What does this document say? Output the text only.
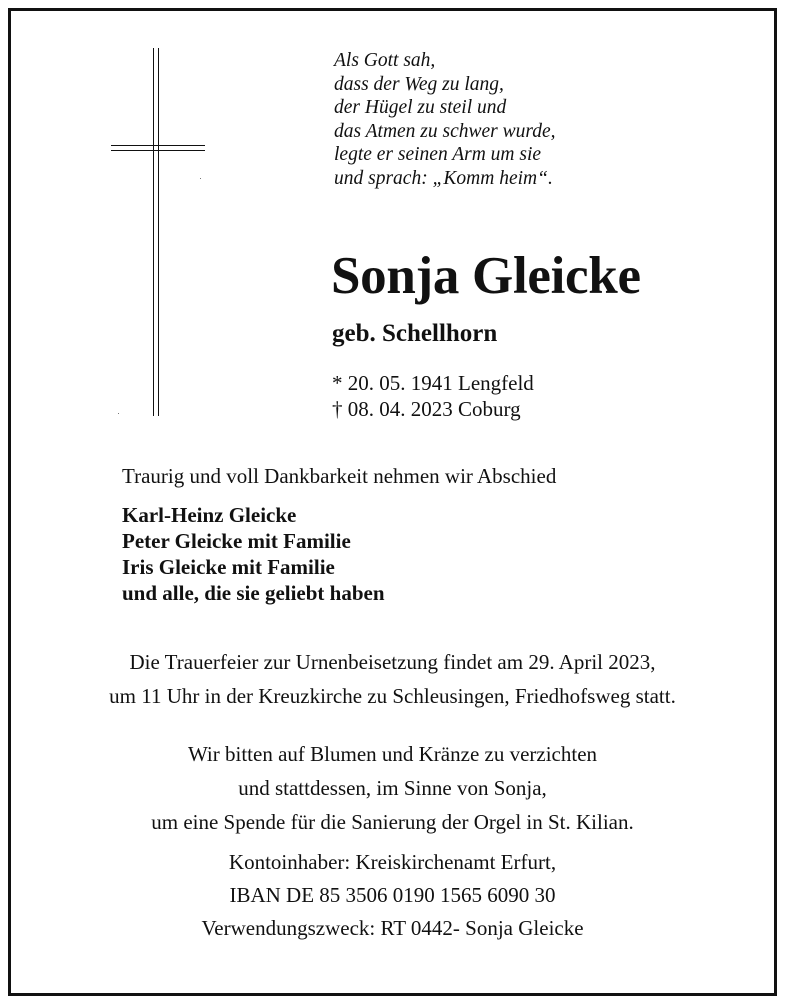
Als Gott sah,
dass der Weg zu lang,
der Hügel zu steil und
das Atmen zu schwer wurde,
legte er seinen Arm um sie
und sprach: „Komm heim“.
Sonja Gleicke
geb. Schellhorn
* 20. 05. 1941 Lengfeld
† 08. 04. 2023 Coburg
Traurig und voll Dankbarkeit nehmen wir Abschied
Karl-Heinz Gleicke
Peter Gleicke mit Familie
Iris Gleicke mit Familie
und alle, die sie geliebt haben
Die Trauerfeier zur Urnenbeisetzung findet am 29. April 2023,
um 11 Uhr in der Kreuzkirche zu Schleusingen, Friedhofsweg statt.
Wir bitten auf Blumen und Kränze zu verzichten
und stattdessen, im Sinne von Sonja,
um eine Spende für die Sanierung der Orgel in St. Kilian.
Kontoinhaber: Kreiskirchenamt Erfurt,
IBAN DE 85 3506 0190 1565 6090 30
Verwendungszweck: RT 0442- Sonja Gleicke
